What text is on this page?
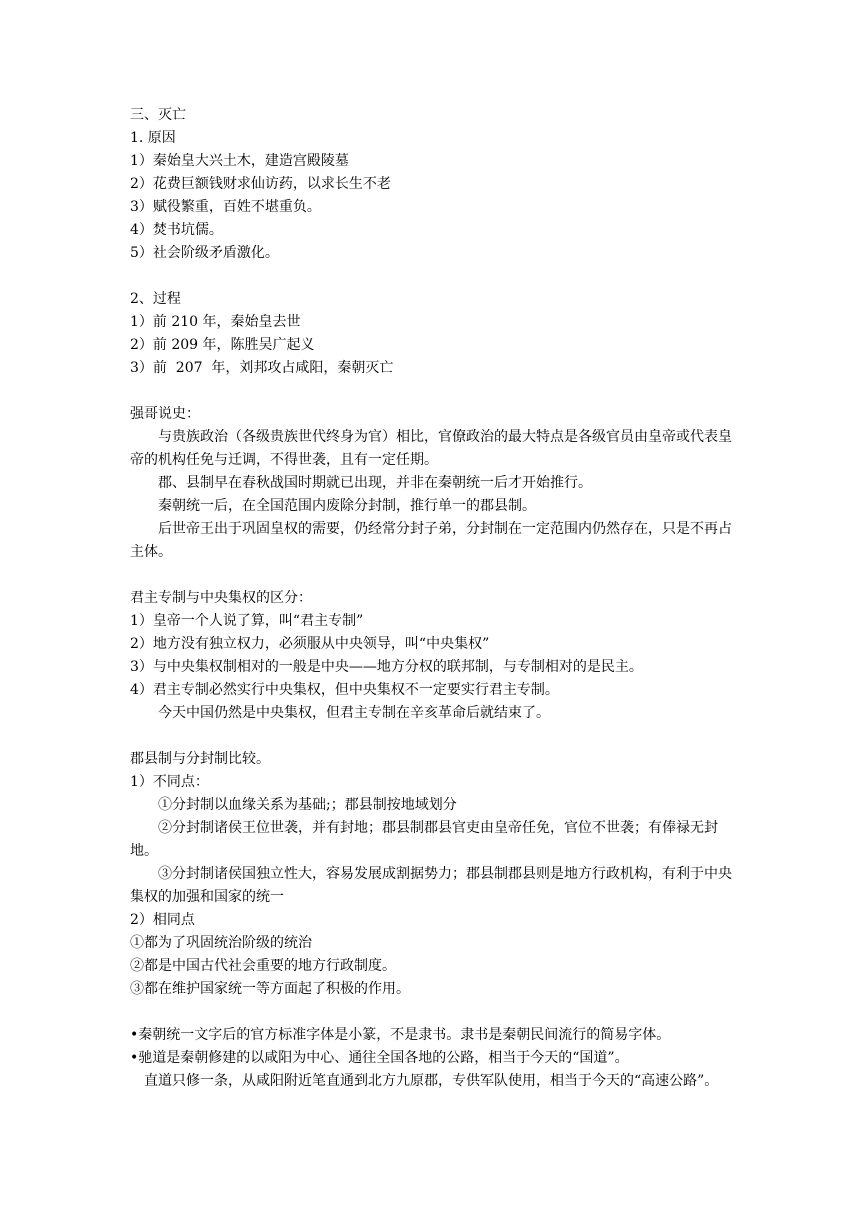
三、灭亡
1. 原因
1）秦始皇大兴土木，建造宫殿陵墓
2）花费巨额钱财求仙访药，以求长生不老
3）赋役繁重，百姓不堪重负。
4）焚书坑儒。
5）社会阶级矛盾激化。
2、过程
1）前 210 年，秦始皇去世
2）前 209 年，陈胜吴广起义
3）前  207  年，刘邦攻占咸阳，秦朝灭亡
强哥说史：
与贵族政治（各级贵族世代终身为官）相比，官僚政治的最大特点是各级官员由皇帝或代表皇帝的机构任免与迁调，不得世袭，且有一定任期。
郡、县制早在春秋战国时期就已出现，并非在秦朝统一后才开始推行。
秦朝统一后，在全国范围内废除分封制，推行单一的郡县制。
后世帝王出于巩固皇权的需要，仍经常分封子弟，分封制在一定范围内仍然存在，只是不再占主体。
君主专制与中央集权的区分：
1）皇帝一个人说了算，叫“君主专制”
2）地方没有独立权力，必须服从中央领导，叫“中央集权”
3）与中央集权制相对的一般是中央——地方分权的联邦制，与专制相对的是民主。
4）君主专制必然实行中央集权，但中央集权不一定要实行君主专制。
今天中国仍然是中央集权，但君主专制在辛亥革命后就结束了。
郡县制与分封制比较。
1）不同点：
①分封制以血缘关系为基础;；郡县制按地域划分
②分封制诸侯王位世袭，并有封地；郡县制郡县官吏由皇帝任免，官位不世袭；有俸禄无封地。
③分封制诸侯国独立性大，容易发展成割据势力；郡县制郡县则是地方行政机构，有利于中央集权的加强和国家的统一
2）相同点
①都为了巩固统治阶级的统治
②都是中国古代社会重要的地方行政制度。
③都在维护国家统一等方面起了积极的作用。
•秦朝统一文字后的官方标准字体是小篆，不是隶书。隶书是秦朝民间流行的简易字体。
•驰道是秦朝修建的以咸阳为中心、通往全国各地的公路，相当于今天的“国道”。
直道只修一条，从咸阳附近笔直通到北方九原郡，专供军队使用，相当于今天的“高速公路”。
